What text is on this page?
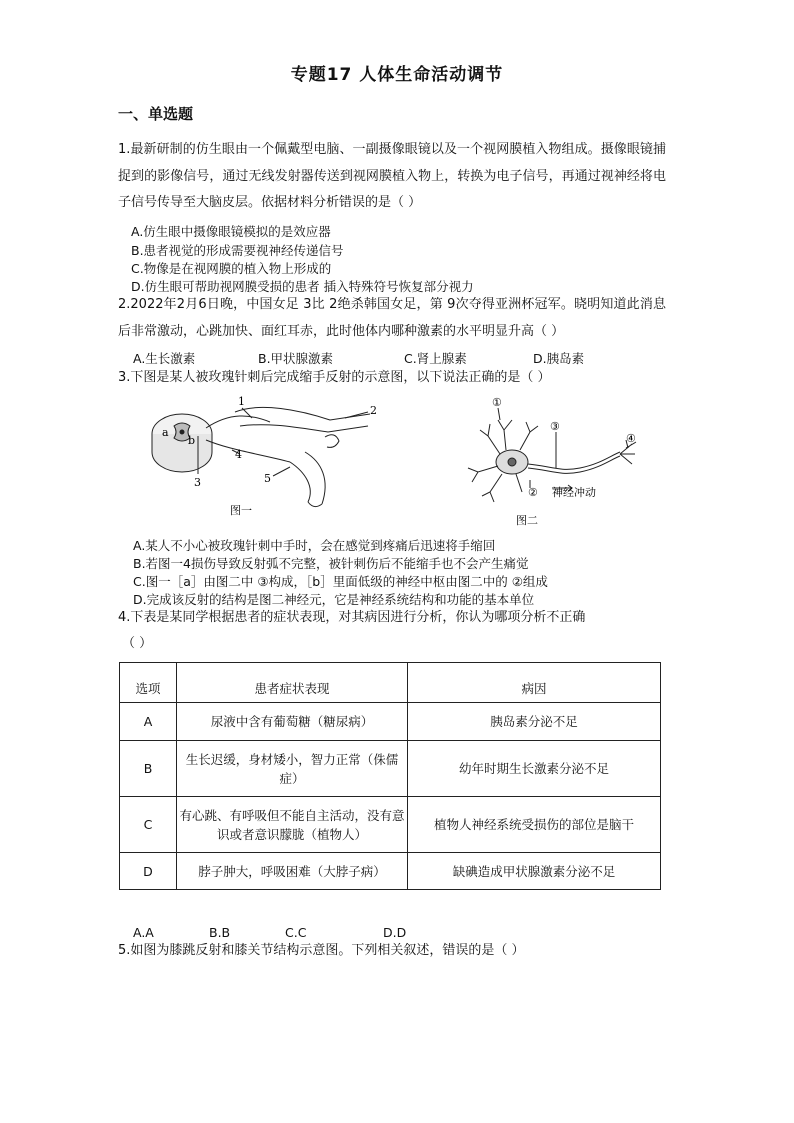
专题17 人体生命活动调节
一、单选题
1.最新研制的仿生眼由一个佩戴型电脑、一副摄像眼镜以及一个视网膜植入物组成。摄像眼镜捕捉到的影像信号，通过无线发射器传送到视网膜植入物上，转换为电子信号，再通过视神经将电子信号传导至大脑皮层。依据材料分析错误的是（ ）
A.仿生眼中摄像眼镜模拟的是效应器
B.患者视觉的形成需要视神经传递信号
C.物像是在视网膜的植入物上形成的
D.仿生眼可帮助视网膜受损的患者 插入特殊符号恢复部分视力
2.2022年2月6日晚，中国女足 3比 2绝杀韩国女足，第 9次夺得亚洲杯冠军。晓明知道此消息后非常激动，心跳加快、面红耳赤，此时他体内哪种激素的水平明显升高（ ）
A.生长激素	B.甲状腺激素	C.肾上腺素	D.胰岛素
3.下图是某人被玫瑰针刺后完成缩手反射的示意图，以下说法正确的是（ ）
1
2
3
4
5
a
b
图一
①
③
④
② 神经冲动
图二
A.某人不小心被玫瑰针刺中手时，会在感觉到疼痛后迅速将手缩回
B.若图一4损伤导致反射弧不完整，被针刺伤后不能缩手也不会产生痛觉
C.图一［a］由图二中 ③构成，［b］里面低级的神经中枢由图二中的 ②组成
D.完成该反射的结构是图二神经元，它是神经系统结构和功能的基本单位
4.下表是某同学根据患者的症状表现，对其病因进行分析，你认为哪项分析不正确
（ ）
选项	患者症状表现	病因
A	尿液中含有葡萄糖（糖尿病）	胰岛素分泌不足
B	生长迟缓，身材矮小，智力正常（侏儒症）	幼年时期生长激素分泌不足
C	有心跳、有呼吸但不能自主活动，没有意识或者意识朦胧（植物人）	植物人神经系统受损伤的部位是脑干
D	脖子肿大，呼吸困难（大脖子病）	缺碘造成甲状腺激素分泌不足
A.A	B.B	C.C	D.D
5.如图为膝跳反射和膝关节结构示意图。下列相关叙述，错误的是（ ）
